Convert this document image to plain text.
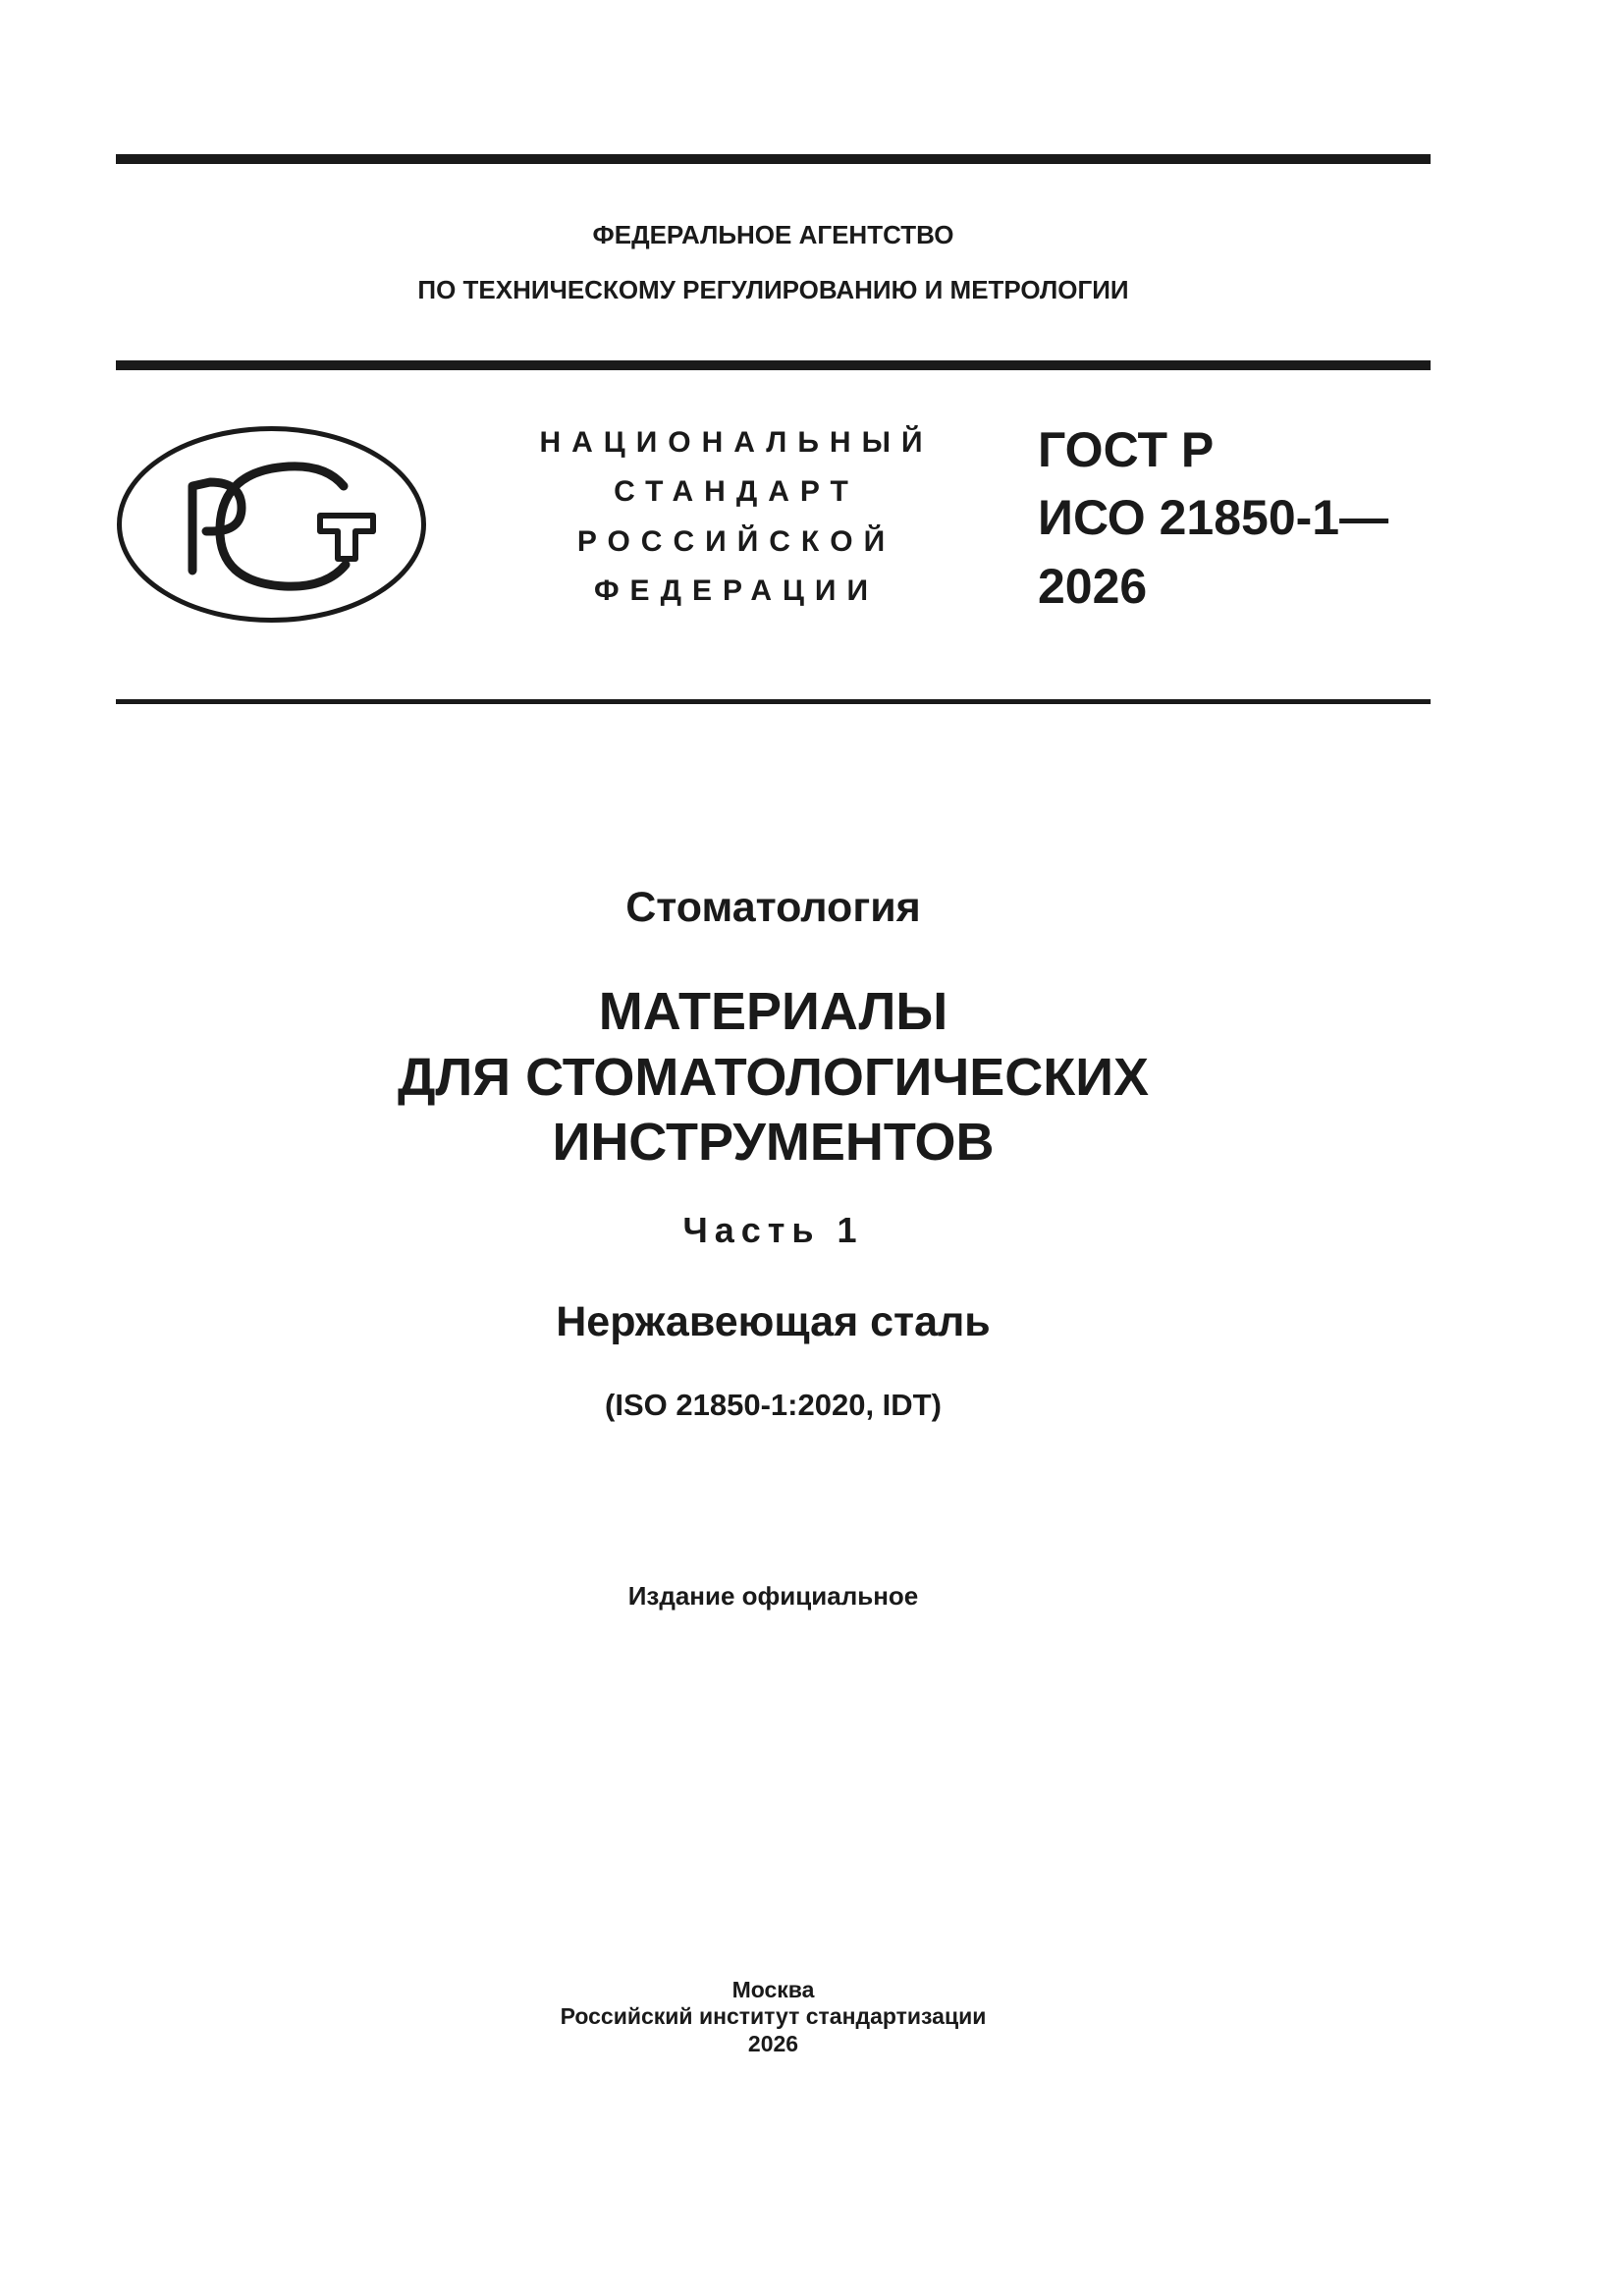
ФЕДЕРАЛЬНОЕ АГЕНТСТВО
ПО ТЕХНИЧЕСКОМУ РЕГУЛИРОВАНИЮ И МЕТРОЛОГИИ
НАЦИОНАЛЬНЫЙ
СТАНДАРТ
РОССИЙСКОЙ
ФЕДЕРАЦИИ
ГОСТ Р
ИСО 21850-1—
2026
Стоматология
МАТЕРИАЛЫ
ДЛЯ СТОМАТОЛОГИЧЕСКИХ
ИНСТРУМЕНТОВ
Часть 1
Нержавеющая сталь
(ISO 21850-1:2020, IDT)
Издание официальное
Москва
Российский институт стандартизации
2026
